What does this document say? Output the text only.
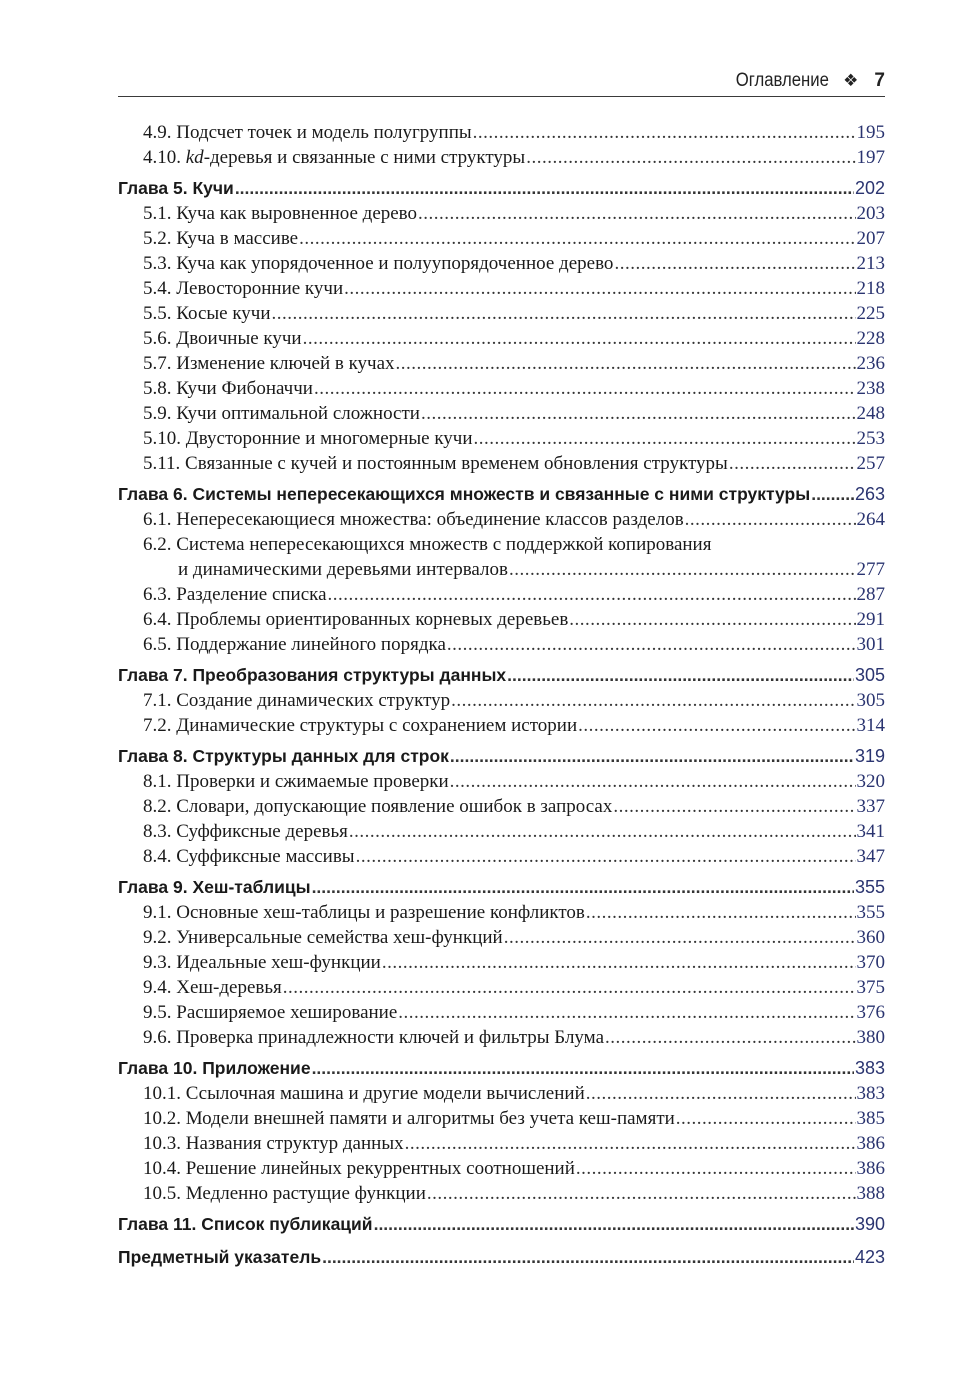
Оглавление ❖ 7
4.9. Подсчет точек и модель полугруппы .....	195
4.10. kd-деревья и связанные с ними структуры .....	197
Глава 5. Кучи .....	202
5.1. Куча как выровненное дерево .....	203
5.2. Куча в массиве .....	207
5.3. Куча как упорядоченное и полуупорядоченное дерево .....	213
5.4. Левосторонние кучи .....	218
5.5. Косые кучи .....	225
5.6. Двоичные кучи .....	228
5.7. Изменение ключей в кучах .....	236
5.8. Кучи Фибоначчи .....	238
5.9. Кучи оптимальной сложности .....	248
5.10. Двусторонние и многомерные кучи .....	253
5.11. Связанные с кучей и постоянным временем обновления структуры .....	257
Глава 6. Системы непересекающихся множеств и связанные с ними структуры ..... 263
6.1. Непересекающиеся множества: объединение классов разделов .....	264
6.2. Система непересекающихся множеств с поддержкой копирования
и динамическими деревьями интервалов .....	277
6.3. Разделение списка .....	287
6.4. Проблемы ориентированных корневых деревьев .....	291
6.5. Поддержание линейного порядка .....	301
Глава 7. Преобразования структуры данных .....	305
7.1. Создание динамических структур .....	305
7.2. Динамические структуры с сохранением истории .....	314
Глава 8. Структуры данных для строк .....	319
8.1. Проверки и сжимаемые проверки .....	320
8.2. Словари, допускающие появление ошибок в запросах .....	337
8.3. Суффиксные деревья .....	341
8.4. Суффиксные массивы .....	347
Глава 9. Хеш-таблицы .....	355
9.1. Основные хеш-таблицы и разрешение конфликтов .....	355
9.2. Универсальные семейства хеш-функций .....	360
9.3. Идеальные хеш-функции .....	370
9.4. Хеш-деревья .....	375
9.5. Расширяемое хеширование .....	376
9.6. Проверка принадлежности ключей и фильтры Блума .....	380
Глава 10. Приложение .....	383
10.1. Ссылочная машина и другие модели вычислений .....	383
10.2. Модели внешней памяти и алгоритмы без учета кеш-памяти .....	385
10.3. Названия структур данных .....	386
10.4. Решение линейных рекуррентных соотношений .....	386
10.5. Медленно растущие функции .....	388
Глава 11. Список публикаций .....	390
Предметный указатель .....	423
